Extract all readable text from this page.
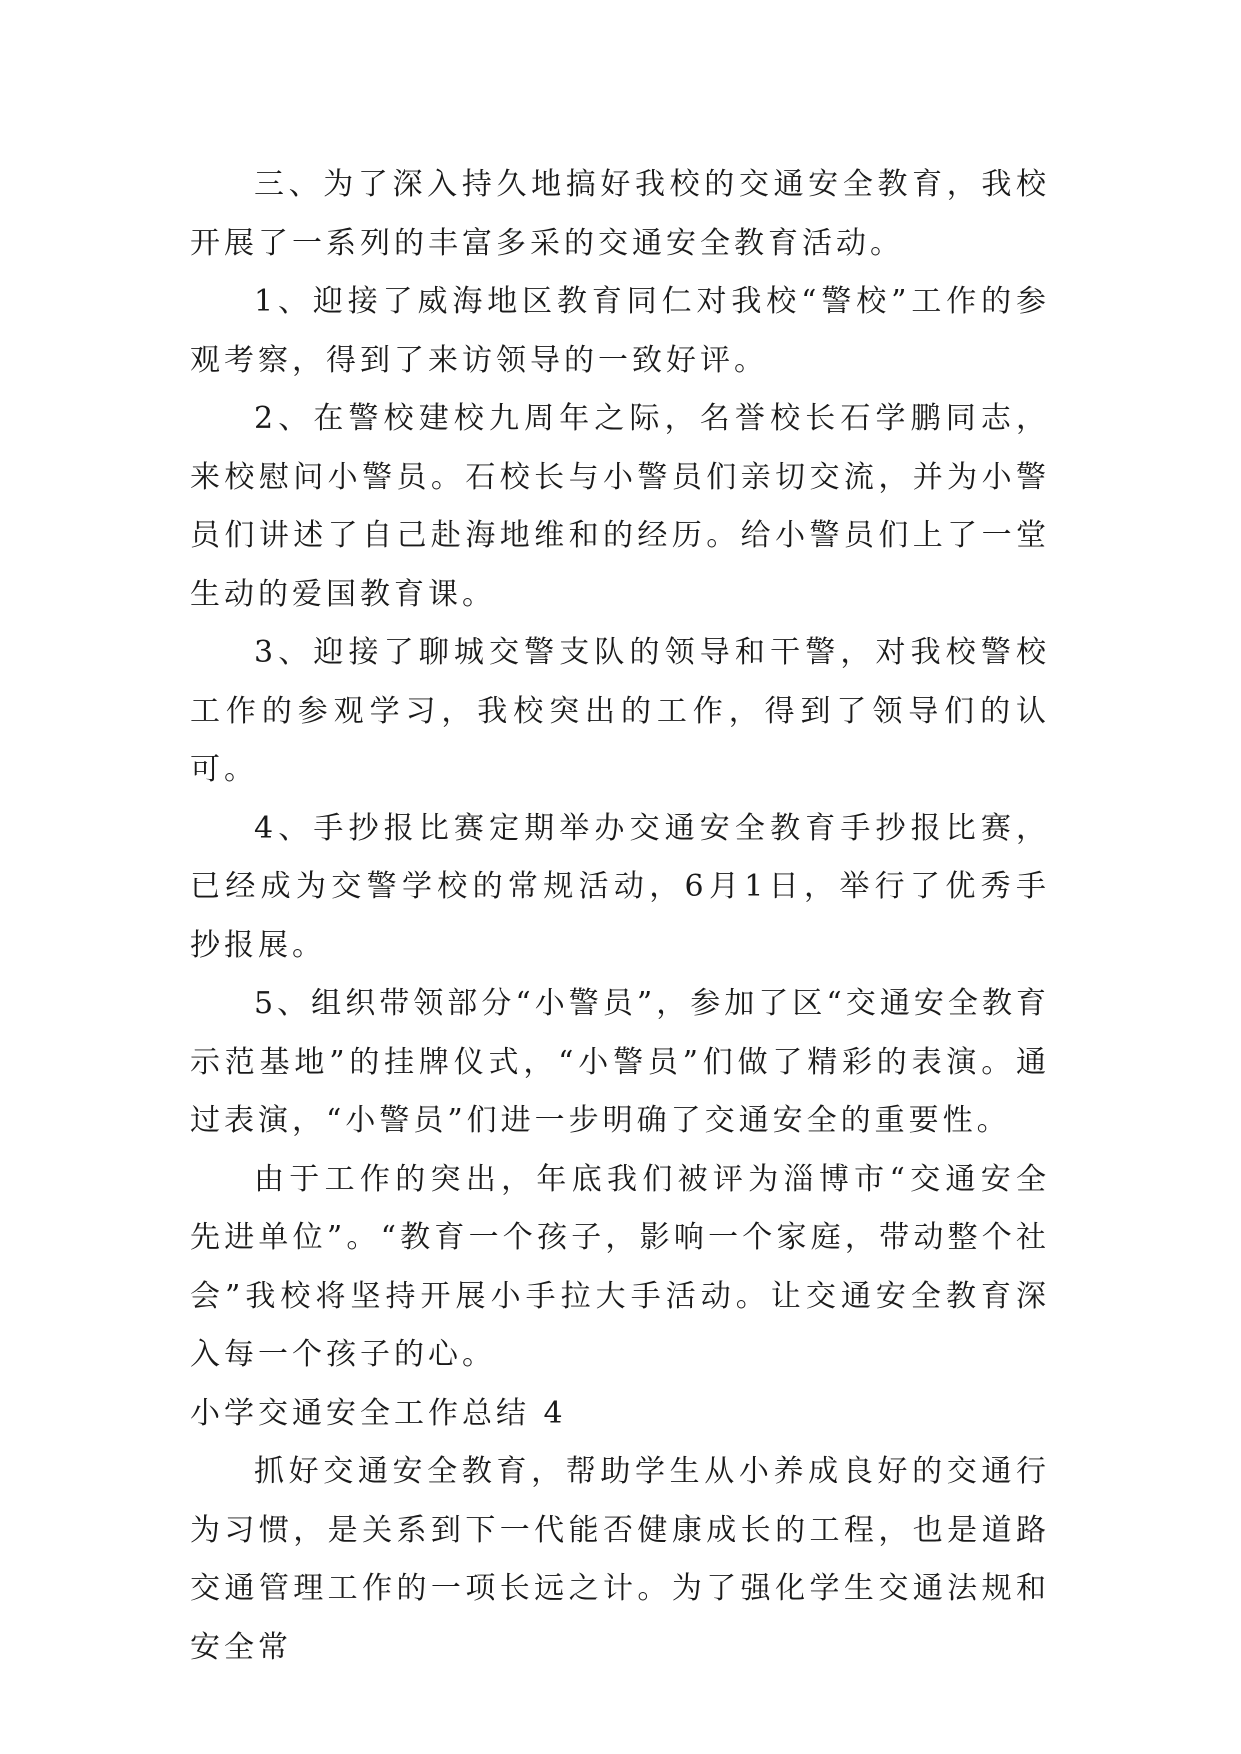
三、为了深入持久地搞好我校的交通安全教育，我校开展了一系列的丰富多采的交通安全教育活动。

1、迎接了威海地区教育同仁对我校“警校”工作的参观考察，得到了来访领导的一致好评。

2、在警校建校九周年之际，名誉校长石学鹏同志，来校慰问小警员。石校长与小警员们亲切交流，并为小警员们讲述了自己赴海地维和的经历。给小警员们上了一堂生动的爱国教育课。

3、迎接了聊城交警支队的领导和干警，对我校警校工作的参观学习，我校突出的工作，得到了领导们的认可。

4、手抄报比赛定期举办交通安全教育手抄报比赛，已经成为交警学校的常规活动，6月1日，举行了优秀手抄报展。

5、组织带领部分“小警员”，参加了区“交通安全教育示范基地”的挂牌仪式，“小警员”们做了精彩的表演。通过表演，“小警员”们进一步明确了交通安全的重要性。

由于工作的突出，年底我们被评为淄博市“交通安全先进单位”。“教育一个孩子，影响一个家庭，带动整个社会”我校将坚持开展小手拉大手活动。让交通安全教育深入每一个孩子的心。

小学交通安全工作总结 4

抓好交通安全教育，帮助学生从小养成良好的交通行为习惯，是关系到下一代能否健康成长的工程，也是道路交通管理工作的一项长远之计。为了强化学生交通法规和安全常
